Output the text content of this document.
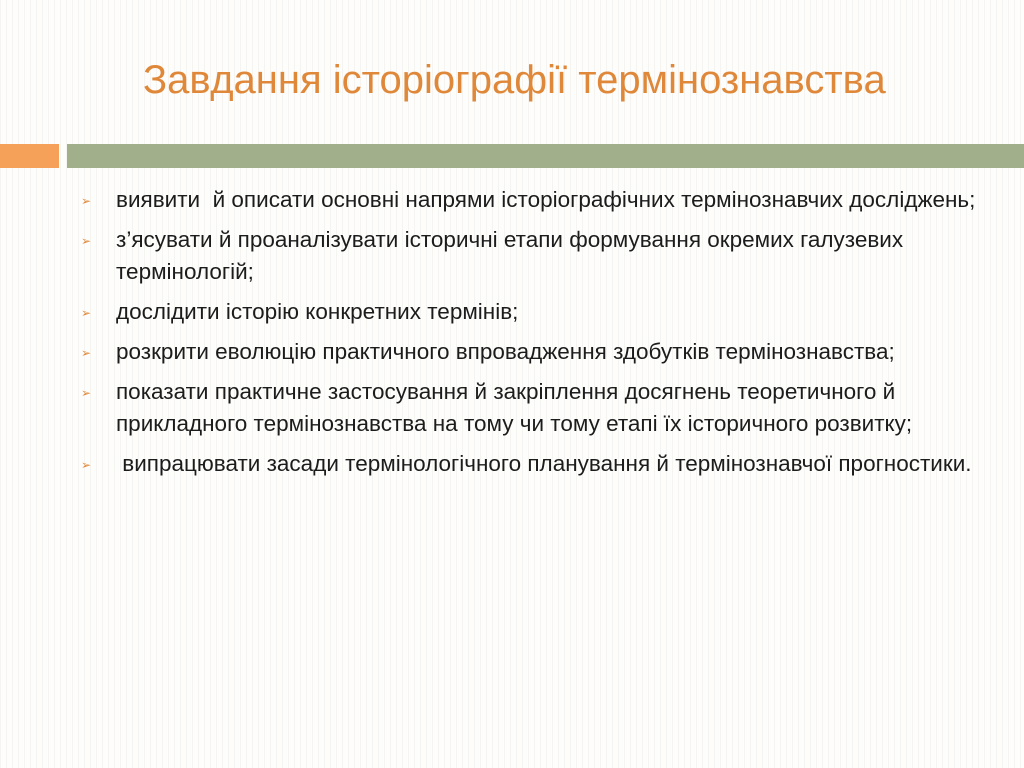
Завдання історіографії термінознавства
➢ виявити  й описати основні напрями історіографічних термінознавчих досліджень;
➢ з’ясувати й проаналізувати історичні етапи формування окремих галузевих термінологій;
➢ дослідити історію конкретних термінів;
➢ розкрити еволюцію практичного впровадження здобутків термінознавства;
➢ показати практичне застосування й закріплення досягнень теоретичного й прикладного термінознавства на тому чи тому етапі їх історичного розвитку;
➢ випрацювати засади термінологічного планування й термінознавчої прогностики.
